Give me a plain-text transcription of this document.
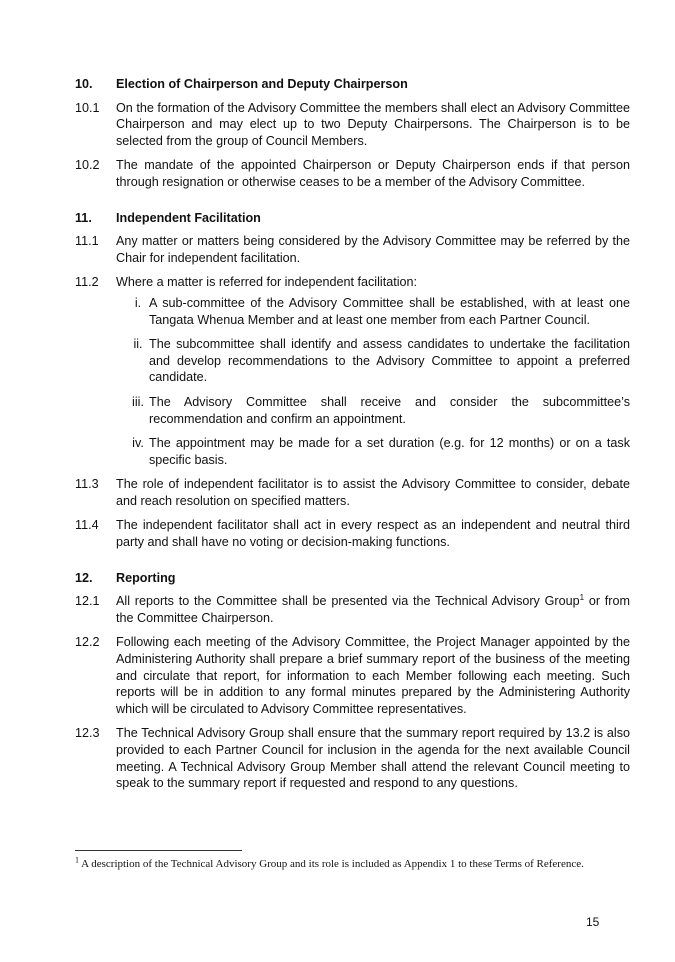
10.	Election of Chairperson and Deputy Chairperson
10.1	On the formation of the Advisory Committee the members shall elect an Advisory Committee Chairperson and may elect up to two Deputy Chairpersons. The Chairperson is to be selected from the group of Council Members.
10.2	The mandate of the appointed Chairperson or Deputy Chairperson ends if that person through resignation or otherwise ceases to be a member of the Advisory Committee.
11.	Independent Facilitation
11.1	Any matter or matters being considered by the Advisory Committee may be referred by the Chair for independent facilitation.
11.2	Where a matter is referred for independent facilitation:
i. A sub-committee of the Advisory Committee shall be established, with at least one Tangata Whenua Member and at least one member from each Partner Council.
ii. The subcommittee shall identify and assess candidates to undertake the facilitation and develop recommendations to the Advisory Committee to appoint a preferred candidate.
iii. The Advisory Committee shall receive and consider the subcommittee’s recommendation and confirm an appointment.
iv. The appointment may be made for a set duration (e.g. for 12 months) or on a task specific basis.
11.3	The role of independent facilitator is to assist the Advisory Committee to consider, debate and reach resolution on specified matters.
11.4	The independent facilitator shall act in every respect as an independent and neutral third party and shall have no voting or decision-making functions.
12.	Reporting
12.1	All reports to the Committee shall be presented via the Technical Advisory Group$^1$ or from the Committee Chairperson.
12.2	Following each meeting of the Advisory Committee, the Project Manager appointed by the Administering Authority shall prepare a brief summary report of the business of the meeting and circulate that report, for information to each Member following each meeting. Such reports will be in addition to any formal minutes prepared by the Administering Authority which will be circulated to Advisory Committee representatives.
12.3	The Technical Advisory Group shall ensure that the summary report required by 13.2 is also provided to each Partner Council for inclusion in the agenda for the next available Council meeting. A Technical Advisory Group Member shall attend the relevant Council meeting to speak to the summary report if requested and respond to any questions.
$^1$ A description of the Technical Advisory Group and its role is included as Appendix 1 to these Terms of Reference.
15
